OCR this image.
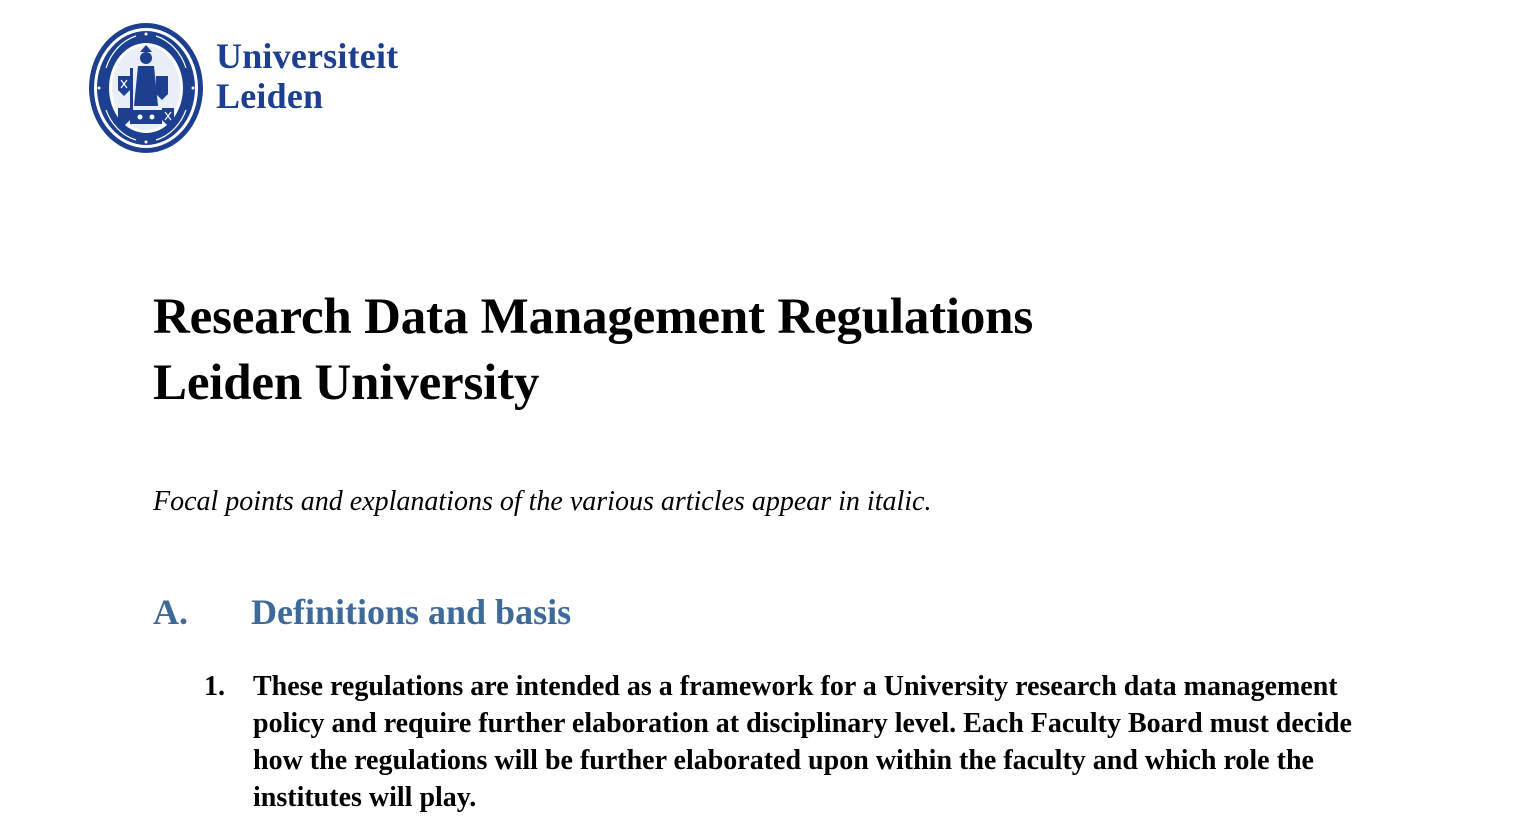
Universiteit
Leiden
Research Data Management Regulations
Leiden University

Focal points and explanations of the various articles appear in italic.

A. Definitions and basis
1.	These regulations are intended as a framework for a University research data management
policy and require further elaboration at disciplinary level. Each Faculty Board must decide
how the regulations will be further elaborated upon within the faculty and which role the
institutes will play.
